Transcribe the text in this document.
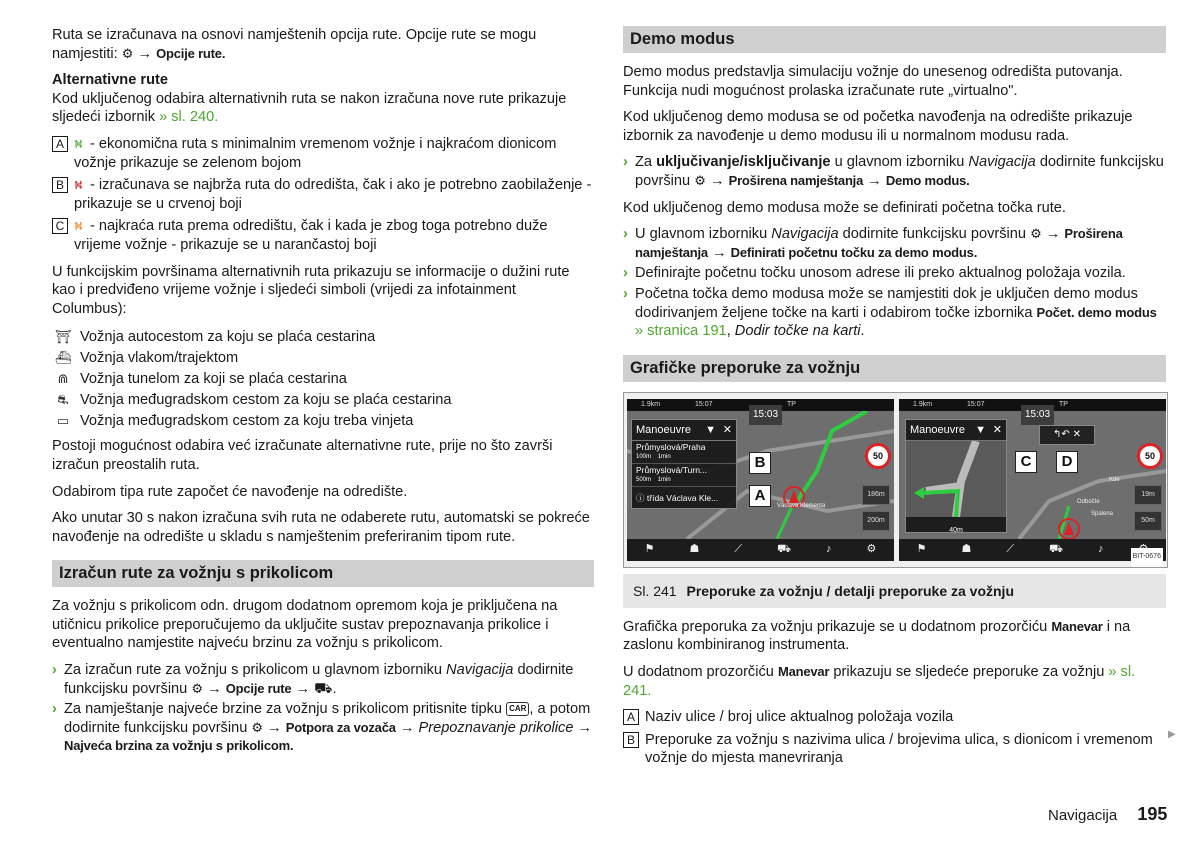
Ruta se izračunava na osnovi namještenih opcija rute. Opcije rute se mogu namjestiti: ⚙ → Opcije rute.

Alternativne rute

Kod uključenog odabira alternativnih ruta se nakon izračuna nove rute prikazuje sljedeći izbornik » sl. 240.

A ⛕ - ekonomična ruta s minimalnim vremenom vožnje i najkraćom dionicom vožnje prikazuje se zelenom bojom
B ⛕ - izračunava se najbrža ruta do odredišta, čak i ako je potrebno zaobilaženje - prikazuje se u crvenoj boji
C ⛕ - najkraća ruta prema odredištu, čak i kada je zbog toga potrebno duže vrijeme vožnje - prikazuje se u narančastoj boji

U funkcijskim površinama alternativnih ruta prikazuju se informacije o dužini rute kao i predviđeno vrijeme vožnje i sljedeći simboli (vrijedi za infotainment Columbus):

⛩ Vožnja autocestom za koju se plaća cestarina
⛴ Vožnja vlakom/trajektom
⋒ Vožnja tunelom za koji se plaća cestarina
⛐ Vožnja međugradskom cestom za koju se plaća cestarina
▭ Vožnja međugradskom cestom za koju treba vinjeta

Postoji mogućnost odabira već izračunate alternativne rute, prije no što završi izračun preostalih ruta.

Odabirom tipa rute započet će navođenje na odredište.

Ako unutar 30 s nakon izračuna svih ruta ne odaberete rutu, automatski se pokreće navođenje na odredište u skladu s namještenim preferiranim tipom rute.

Izračun rute za vožnju s prikolicom

Za vožnju s prikolicom odn. drugom dodatnom opremom koja je priključena na utičnicu prikolice preporučujemo da uključite sustav prepoznavanja prikolice i eventualno namjestite najveću brzinu za vožnju s prikolicom.

› Za izračun rute za vožnju s prikolicom u glavnom izborniku Navigacija dodirnite funkcijsku površinu ⚙ → Opcije rute → ⛟.
› Za namještanje najveće brzine za vožnju s prikolicom pritisnite tipku CAR , a potom dodirnite funkcijsku površinu ⚙ → Potpora za vozača → Prepoznavanje prikolice → Najveća brzina za vožnju s prikolicom.
Demo modus

Demo modus predstavlja simulaciju vožnje do unesenog odredišta putovanja. Funkcija nudi mogućnost prolaska izračunate rute „virtualno".

Kod uključenog demo modusa se od početka navođenja na odredište prikazuje izbornik za navođenje u demo modusu ili u normalnom modusu rada.

› Za uključivanje/isključivanje u glavnom izborniku Navigacija dodirnite funkcijsku površinu ⚙ → Proširena namještanja → Demo modus.

Kod uključenog demo modusa može se definirati početna točka rute.

› U glavnom izborniku Navigacija dodirnite funkcijsku površinu ⚙ → Proširena namještanja → Definirati početnu točku za demo modus.
› Definirajte početnu točku unosom adrese ili preko aktualnog položaja vozila.
› Početna točka demo modusa može se namjestiti dok je uključen demo modus dodirivanjem željene točke na karti i odabirom točke izbornika Počet. demo modus » stranica 191, Dodir točke na karti.
Grafičke preporuke za vožnju
1.9km	15:07	TP
Václava Klementa
15:03
Manoeuvre ▼ ✕
Průmyslová/Praha
100m 1min
Průmyslová/Turn...
500m 1min
ⓘ třída Václava Kle...
B
A
50
186m
200m
⚑	☗	⟋	⛟	♪	⚙
1.9km	15:07	TP
Odbočte
Kde
Spalena
15:03
Manoeuvre ▼ ✕
40m
↰↶ ✕
C	D	50
19m
50m
⚑	☗	⟋	⛟	♪
BIT-0676
Sl. 241 Preporuke za vožnju / detalji preporuke za vožnju

Grafička preporuka za vožnju prikazuje se u dodatnom prozorčiću Manevar i na zaslonu kombiniranog instrumenta.

U dodatnom prozorčiću Manevar prikazuju se sljedeće preporuke za vožnju » sl. 241.

A Naziv ulice / broj ulice aktualnog položaja vozila
B Preporuke za vožnju s nazivima ulica / brojevima ulica, s dionicom i vremenom vožnje do mjesta manevriranja
▶
Navigacija 195
